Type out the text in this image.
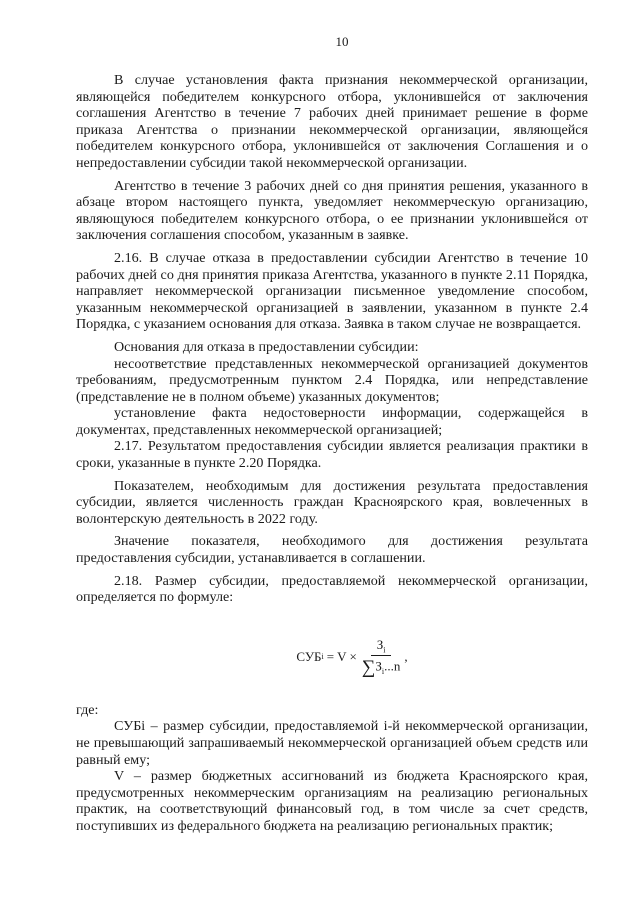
10

В случае установления факта признания некоммерческой организации, являющейся победителем конкурсного отбора, уклонившейся от заключения соглашения Агентство в течение 7 рабочих дней принимает решение в форме приказа Агентства о признании некоммерческой организации, являющейся победителем конкурсного отбора, уклонившейся от заключения Соглашения и о непредоставлении субсидии такой некоммерческой организации.

Агентство в течение 3 рабочих дней со дня принятия решения, указанного в абзаце втором настоящего пункта, уведомляет некоммерческую организацию, являющуюся победителем конкурсного отбора, о ее признании уклонившейся от заключения соглашения способом, указанным в заявке.

2.16. В случае отказа в предоставлении субсидии Агентство в течение 10 рабочих дней со дня принятия приказа Агентства, указанного в пункте 2.11 Порядка, направляет некоммерческой организации письменное уведомление способом, указанным некоммерческой организацией в заявлении, указанном в пункте 2.4 Порядка, с указанием основания для отказа. Заявка в таком случае не возвращается.

Основания для отказа в предоставлении субсидии:

несоответствие представленных некоммерческой организацией документов требованиям, предусмотренным пунктом 2.4 Порядка, или непредставление (представление не в полном объеме) указанных документов;

установление факта недостоверности информации, содержащейся в документах, представленных некоммерческой организацией;

2.17. Результатом предоставления субсидии является реализация практики в сроки, указанные в пункте 2.20 Порядка.

Показателем, необходимым для достижения результата предоставления субсидии, является численность граждан Красноярского края, вовлеченных в волонтерскую деятельность в 2022 году.

Значение показателя, необходимого для достижения результата предоставления субсидии, устанавливается в соглашении.

2.18. Размер субсидии, предоставляемой некоммерческой организации, определяется по формуле:

СУБ $i = V \times \frac{З_i}{\sum З_i...n}$ ,

где:

СУБi – размер субсидии, предоставляемой i-й некоммерческой организации, не превышающий запрашиваемый некоммерческой организацией объем средств или равный ему;

V – размер бюджетных ассигнований из бюджета Красноярского края, предусмотренных некоммерческим организациям на реализацию региональных практик, на соответствующий финансовый год, в том числе за счет средств, поступивших из федерального бюджета на реализацию региональных практик;
